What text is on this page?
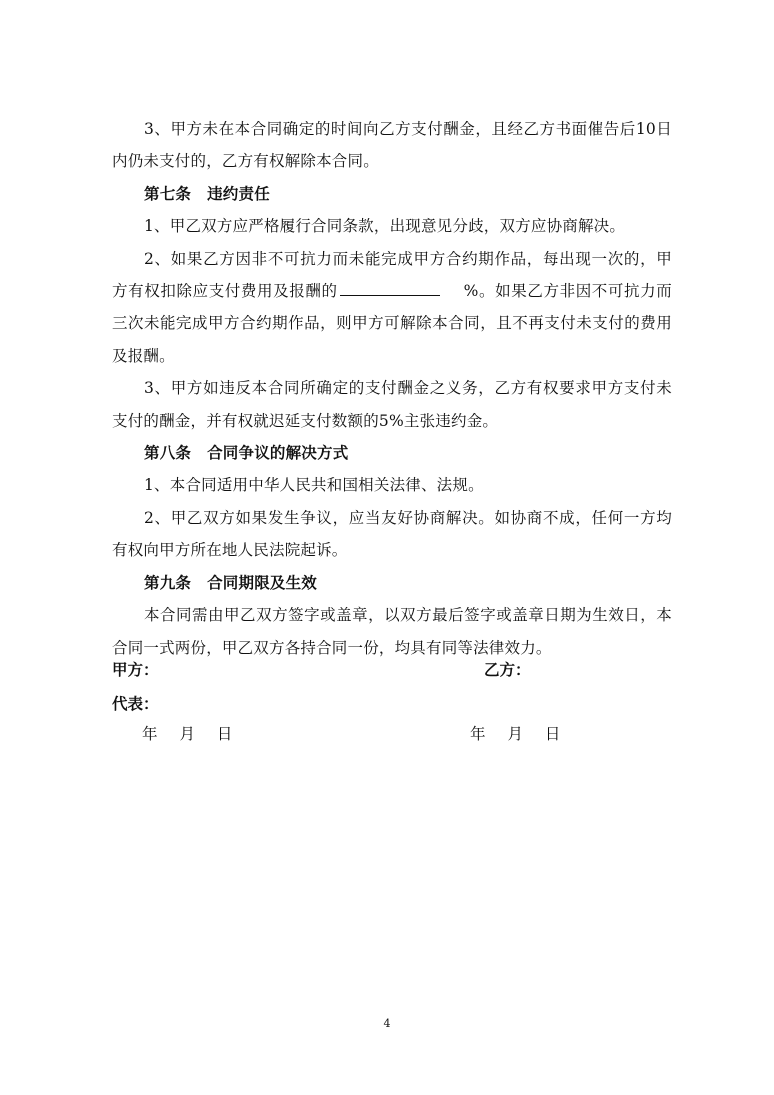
3、甲方未在本合同确定的时间向乙方支付酬金，且经乙方书面催告后10日内仍未支付的，乙方有权解除本合同。

第七条 违约责任

1、甲乙双方应严格履行合同条款，出现意见分歧，双方应协商解决。

2、如果乙方因非不可抗力而未能完成甲方合约期作品，每出现一次的，甲方有权扣除应支付费用及报酬的	%。如果乙方非因不可抗力而三次未能完成甲方合约期作品，则甲方可解除本合同，且不再支付未支付的费用及报酬。

3、甲方如违反本合同所确定的支付酬金之义务，乙方有权要求甲方支付未支付的酬金，并有权就迟延支付数额的5%主张违约金。

第八条 合同争议的解决方式

1、本合同适用中华人民共和国相关法律、法规。

2、甲乙双方如果发生争议，应当友好协商解决。如协商不成，任何一方均有权向甲方所在地人民法院起诉。

第九条 合同期限及生效

本合同需由甲乙双方签字或盖章，以双方最后签字或盖章日期为生效日，本合同一式两份，甲乙双方各持合同一份，均具有同等法律效力。

甲方：	乙方：
代表：
年 月 日	年 月 日
4
